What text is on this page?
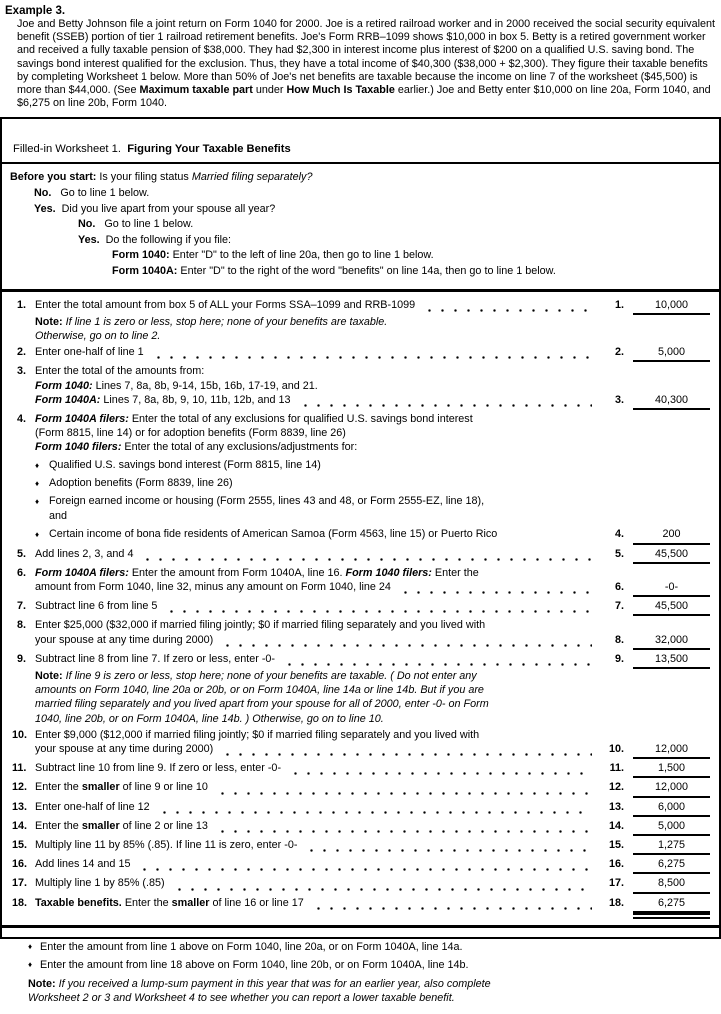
Example 3.
Joe and Betty Johnson file a joint return on Form 1040 for 2000. Joe is a retired railroad worker and in 2000 received the social security equivalent benefit (SSEB) portion of tier 1 railroad retirement benefits. Joe's Form RRB–1099 shows $10,000 in box 5. Betty is a retired government worker and received a fully taxable pension of $38,000. They had $2,300 in interest income plus interest of $200 on a qualified U.S. saving bond. The savings bond interest qualified for the exclusion. Thus, they have a total income of $40,300 ($38,000 + $2,300). They figure their taxable benefits by completing Worksheet 1 below. More than 50% of Joe's net benefits are taxable because the income on line 7 of the worksheet ($45,500) is more than $44,000. (See Maximum taxable part under How Much Is Taxable earlier.) Joe and Betty enter $10,000 on line 20a, Form 1040, and $6,275 on line 20b, Form 1040.
Filled-in Worksheet 1.  Figuring Your Taxable Benefits
Before you start: Is your filing status Married filing separately?
No. Go to line 1 below.
Yes. Did you live apart from your spouse all year?
No. Go to line 1 below.
Yes. Do the following if you file:
Form 1040: Enter "D" to the left of line 20a, then go to line 1 below.
Form 1040A: Enter "D" to the right of the word "benefits" on line 14a, then go to line 1 below.
1. Enter the total amount from box 5 of ALL your Forms SSA–1099 and RRB-1099	1.	10,000
Note: If line 1 is zero or less, stop here; none of your benefits are taxable.
Otherwise, go on to line 2.
2. Enter one-half of line 1	2.	5,000
3. Enter the total of the amounts from:
Form 1040: Lines 7, 8a, 8b, 9-14, 15b, 16b, 17-19, and 21.
Form 1040A: Lines 7, 8a, 8b, 9, 10, 11b, 12b, and 13	3.	40,300
4. Form 1040A filers: Enter the total of any exclusions for qualified U.S. savings bond interest
(Form 8815, line 14) or for adoption benefits (Form 8839, line 26)
Form 1040 filers: Enter the total of any exclusions/adjustments for:
♦ Qualified U.S. savings bond interest (Form 8815, line 14)
♦ Adoption benefits (Form 8839, line 26)
♦ Foreign earned income or housing (Form 2555, lines 43 and 48, or Form 2555-EZ, line 18),
and
♦ Certain income of bona fide residents of American Samoa (Form 4563, line 15) or Puerto Rico	4.	200
5. Add lines 2, 3, and 4	5.	45,500
6. Form 1040A filers: Enter the amount from Form 1040A, line 16. Form 1040 filers: Enter the
amount from Form 1040, line 32, minus any amount on Form 1040, line 24	6.	-0-
7. Subtract line 6 from line 5	7.	45,500
8. Enter $25,000 ($32,000 if married filing jointly; $0 if married filing separately and you lived with
your spouse at any time during 2000)	8.	32,000
9. Subtract line 8 from line 7. If zero or less, enter -0-	9.	13,500
Note: If line 9 is zero or less, stop here; none of your benefits are taxable. ( Do not enter any
amounts on Form 1040, line 20a or 20b, or on Form 1040A, line 14a or line 14b. But if you are
married filing separately and you lived apart from your spouse for all of 2000, enter -0- on Form
1040, line 20b, or on Form 1040A, line 14b. ) Otherwise, go on to line 10.
10. Enter $9,000 ($12,000 if married filing jointly; $0 if married filing separately and you lived with
your spouse at any time during 2000)	10.	12,000
11. Subtract line 10 from line 9. If zero or less, enter -0-	11.	1,500
12. Enter the smaller of line 9 or line 10	12.	12,000
13. Enter one-half of line 12	13.	6,000
14. Enter the smaller of line 2 or line 13	14.	5,000
15. Multiply line 11 by 85% (.85). If line 11 is zero, enter -0-	15.	1,275
16. Add lines 14 and 15	16.	6,275
17. Multiply line 1 by 85% (.85)	17.	8,500
18. Taxable benefits. Enter the smaller of line 16 or line 17	18.	6,275
♦ Enter the amount from line 1 above on Form 1040, line 20a, or on Form 1040A, line 14a.
♦ Enter the amount from line 18 above on Form 1040, line 20b, or on Form 1040A, line 14b.
Note: If you received a lump-sum payment in this year that was for an earlier year, also complete
Worksheet 2 or 3 and Worksheet 4 to see whether you can report a lower taxable benefit.
